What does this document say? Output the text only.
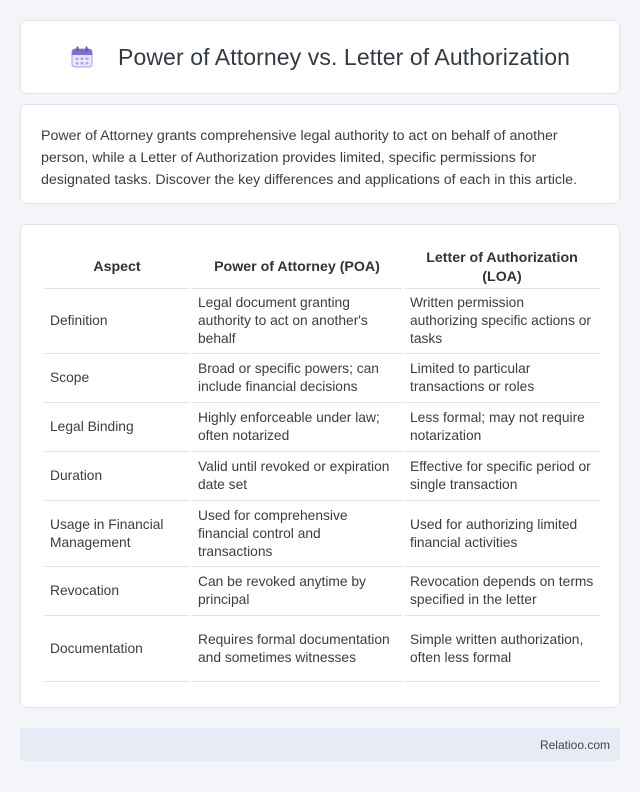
Power of Attorney vs. Letter of Authorization

Power of Attorney grants comprehensive legal authority to act on behalf of another person, while a Letter of Authorization provides limited, specific permissions for designated tasks. Discover the key differences and applications of each in this article.

Aspect	Power of Attorney (POA)	Letter of Authorization (LOA)
Definition	Legal document granting authority to act on another's behalf	Written permission authorizing specific actions or tasks
Scope	Broad or specific powers; can include financial decisions	Limited to particular transactions or roles
Legal Binding	Highly enforceable under law; often notarized	Less formal; may not require notarization
Duration	Valid until revoked or expiration date set	Effective for specific period or single transaction
Usage in Financial Management	Used for comprehensive financial control and transactions	Used for authorizing limited financial activities
Revocation	Can be revoked anytime by principal	Revocation depends on terms specified in the letter
Documentation	Requires formal documentation and sometimes witnesses	Simple written authorization, often less formal
Relatioo.com
